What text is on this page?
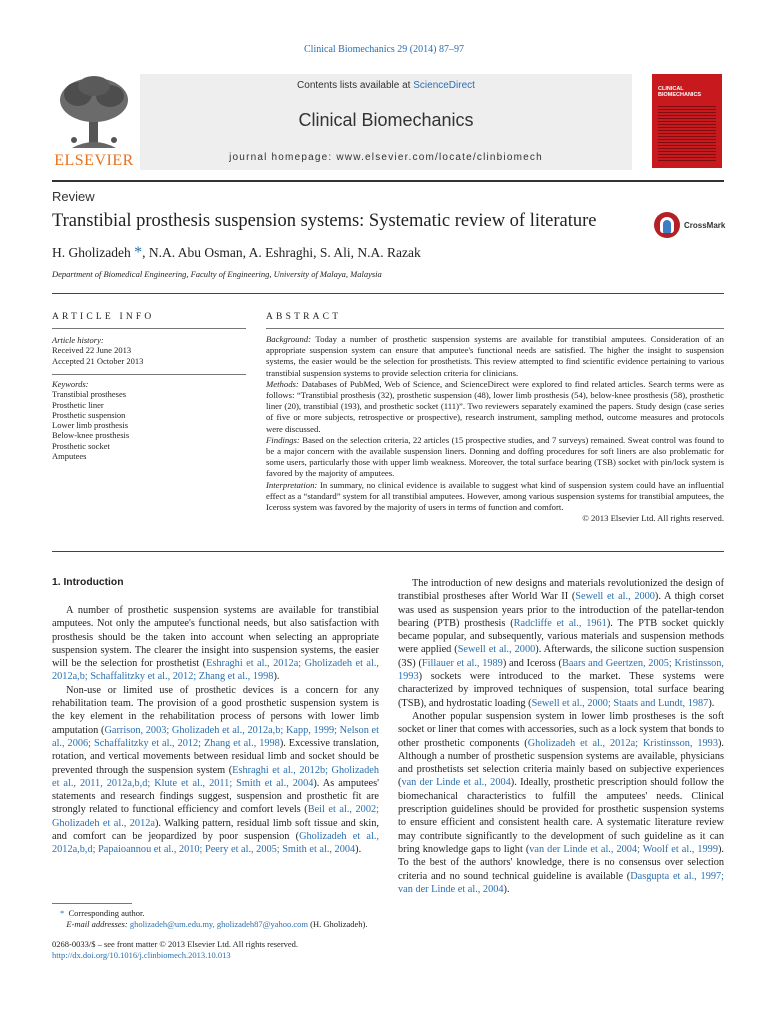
Clinical Biomechanics 29 (2014) 87–97
ELSEVIER
Contents lists available at ScienceDirect
Clinical Biomechanics
journal homepage: www.elsevier.com/locate/clinbiomech
CLINICAL BIOMECHANICS
Review
Transtibial prosthesis suspension systems: Systematic review of literature	CrossMark
H. Gholizadeh *, N.A. Abu Osman, A. Eshraghi, S. Ali, N.A. Razak
Department of Biomedical Engineering, Faculty of Engineering, University of Malaya, Malaysia
ARTICLE INFO
Article history:
Received 22 June 2013
Accepted 21 October 2013
Keywords:
Transtibial prostheses
Prosthetic liner
Prosthetic suspension
Lower limb prosthesis
Below-knee prosthesis
Prosthetic socket
Amputees
ABSTRACT
Background: Today a number of prosthetic suspension systems are available for transtibial amputees. Consideration of an appropriate suspension system can ensure that amputee's functional needs are satisfied. The higher the insight to suspension systems, the easier would be the selection for prosthetists. This review attempted to find scientific evidence pertaining to various transtibial suspension systems to provide selection criteria for clinicians.
Methods: Databases of PubMed, Web of Science, and ScienceDirect were explored to find related articles. Search terms were as follows: “Transtibial prosthesis (32), prosthetic suspension (48), lower limb prosthesis (54), below-knee prosthesis (58), prosthetic liner (20), transtibial (193), and prosthetic socket (111)”. Two reviewers separately examined the papers. Study design (case series of five or more subjects, retrospective or prospective), research instrument, sampling method, outcome measures and protocols were discussed.
Findings: Based on the selection criteria, 22 articles (15 prospective studies, and 7 surveys) remained. Sweat control was found to be a major concern with the available suspension liners. Donning and doffing procedures for soft liners are also problematic for some users, particularly those with upper limb weakness. Moreover, the total surface bearing (TSB) socket with pin/lock system is favored by the majority of amputees.
Interpretation: In summary, no clinical evidence is available to suggest what kind of suspension system could have an influential effect as a “standard” system for all transtibial amputees. However, among various suspension systems for transtibial amputees, the Iceross system was favored by the majority of users in terms of function and comfort.
© 2013 Elsevier Ltd. All rights reserved.
1. Introduction

A number of prosthetic suspension systems are available for transtibial amputees. Not only the amputee's functional needs, but also satisfaction with prosthesis should be the taken into account when selecting an appropriate suspension system. The clearer the insight into suspension systems, the easier will be the selection for prosthetist (Eshraghi et al., 2012a; Gholizadeh et al., 2012a,b; Schaffalitzky et al., 2012; Zhang et al., 1998).

Non-use or limited use of prosthetic devices is a concern for any rehabilitation team. The provision of a good prosthetic suspension system is the key element in the rehabilitation process of persons with lower limb amputation (Garrison, 2003; Gholizadeh et al., 2012a,b; Kapp, 1999; Nelson et al., 2006; Schaffalitzky et al., 2012; Zhang et al., 1998). Excessive translation, rotation, and vertical movements between residual limb and socket should be prevented through the suspension system (Eshraghi et al., 2012b; Gholizadeh et al., 2011, 2012a,b,d; Klute et al., 2011; Smith et al., 2004). As amputees' statements and research findings suggest, suspension and prosthetic fit are strongly related to functional efficiency and comfort levels (Beil et al., 2002; Gholizadeh et al., 2012a). Walking pattern, residual limb soft tissue and skin, and comfort can be jeopardized by poor suspension (Gholizadeh et al., 2012a,b,d; Papaioannou et al., 2010; Peery et al., 2005; Smith et al., 2004).

* Corresponding author.
E-mail addresses: gholizadeh@um.edu.my, gholizadeh87@yahoo.com (H. Gholizadeh).
0268-0033/$ – see front matter © 2013 Elsevier Ltd. All rights reserved.
http://dx.doi.org/10.1016/j.clinbiomech.2013.10.013

The introduction of new designs and materials revolutionized the design of transtibial prostheses after World War II (Sewell et al., 2000). A thigh corset was used as suspension years prior to the introduction of the patellar-tendon bearing (PTB) prosthesis (Radcliffe et al., 1961). The PTB socket quickly became popular, and subsequently, various materials and suspension methods were applied (Sewell et al., 2000). Afterwards, the silicone suction suspension (3S) (Fillauer et al., 1989) and Iceross (Baars and Geertzen, 2005; Kristinsson, 1993) sockets were introduced to the market. These systems were characterized by improved techniques of suspension, total surface bearing (TSB), and hydrostatic loading (Sewell et al., 2000; Staats and Lundt, 1987).

Another popular suspension system in lower limb prostheses is the soft socket or liner that comes with accessories, such as a lock system that bonds to other prosthetic components (Gholizadeh et al., 2012a; Kristinsson, 1993). Although a number of prosthetic suspension systems are available, physicians and prosthetists set selection criteria mainly based on subjective experiences (van der Linde et al., 2004). Ideally, prosthetic prescription should follow the biomechanical characteristics to fulfill the amputees' needs. Clinical prescription guidelines should be provided for prosthetic suspension systems to ensure efficient and consistent health care. A systematic literature review may contribute significantly to the development of such guideline as it can bring knowledge gaps to light (van der Linde et al., 2004; Woolf et al., 1999). To the best of the authors' knowledge, there is no consensus over selection criteria and no sound technical guideline is available (Dasgupta et al., 1997; van der Linde et al., 2004).
